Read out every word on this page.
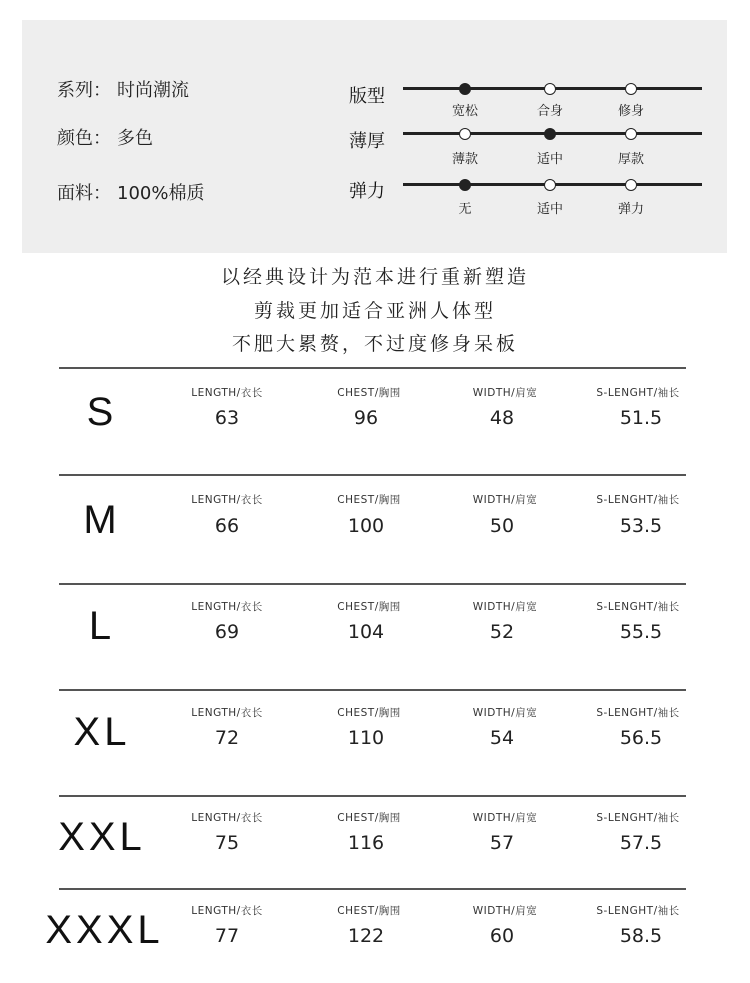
系列： 时尚潮流
颜色： 多色
面料： 100%棉质
版型
宽松	合身	修身
薄厚
薄款	适中	厚款
弹力
无	适中	弹力
以经典设计为范本进行重新塑造
剪裁更加适合亚洲人体型
不肥大累赘，不过度修身呆板
S	LENGTH/衣长	CHEST/胸围	WIDTH/肩宽	S-LENGHT/袖长
63	96	48	51.5
M	LENGTH/衣长	CHEST/胸围	WIDTH/肩宽	S-LENGHT/袖长
66	100	50	53.5
L	LENGTH/衣长	CHEST/胸围	WIDTH/肩宽	S-LENGHT/袖长
69	104	52	55.5
XL	LENGTH/衣长	CHEST/胸围	WIDTH/肩宽	S-LENGHT/袖长
72	110	54	56.5
XXL	LENGTH/衣长	CHEST/胸围	WIDTH/肩宽	S-LENGHT/袖长
75	116	57	57.5
XXXL	LENGTH/衣长	CHEST/胸围	WIDTH/肩宽	S-LENGHT/袖长
77	122	60	58.5
